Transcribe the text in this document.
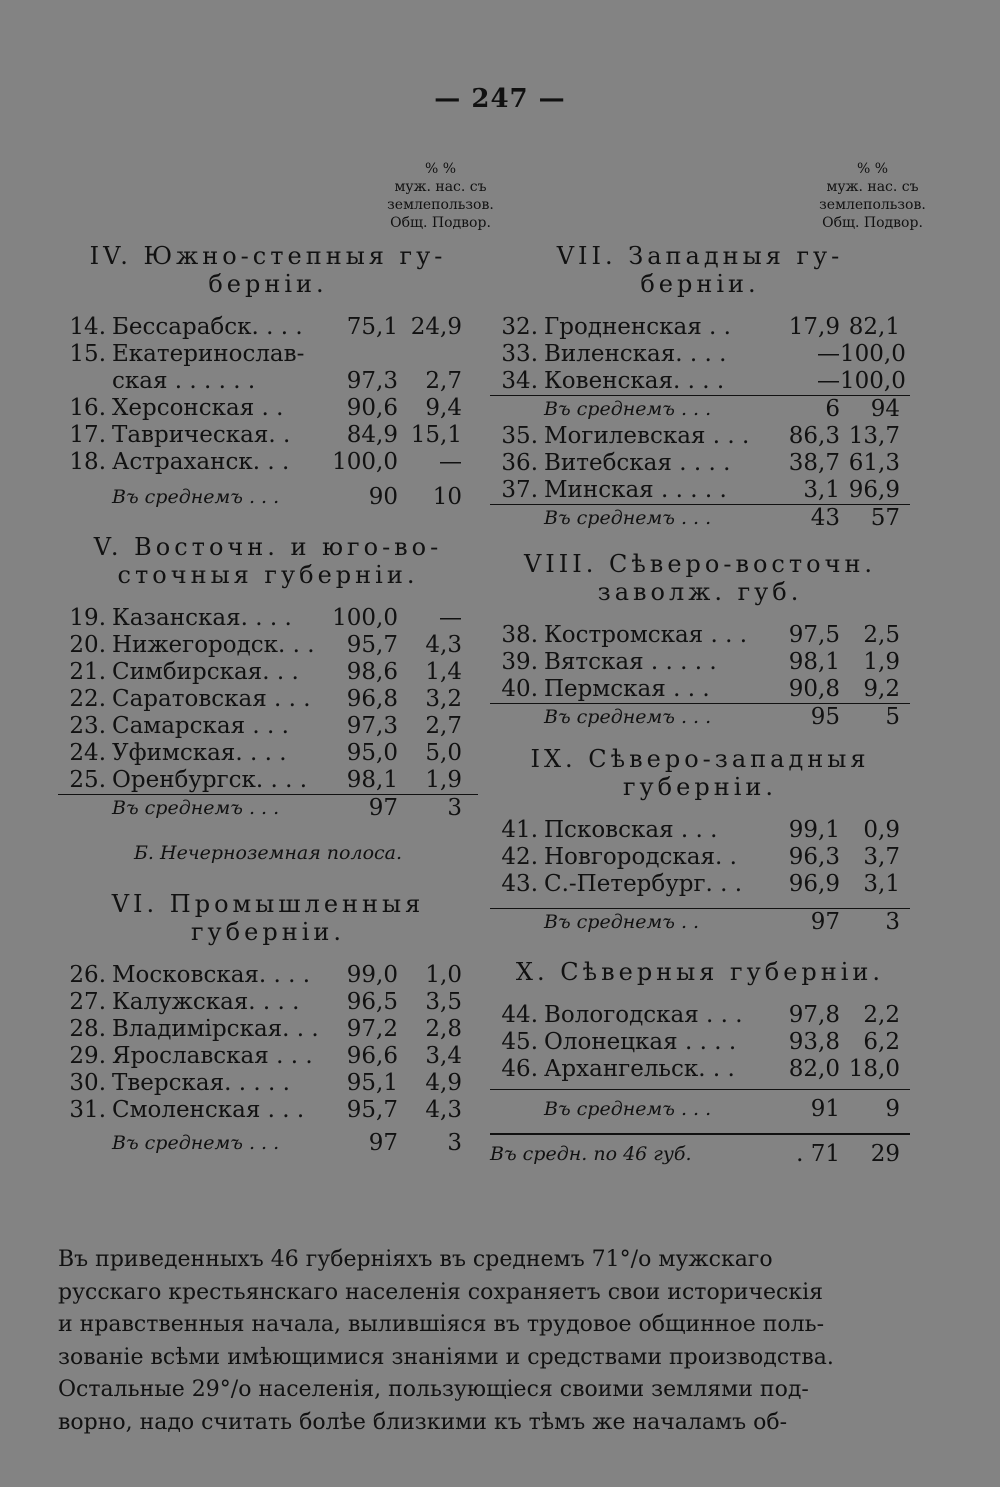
— 247 —
% %
муж. нас. съ
землепользов.
Общ. Подвор.
IV. Южно-степныя гу-
берніи.
14. Бессарабск. . . .	75,1 24,9
15. Екатеринослав-
ская . . . . . .	97,3	2,7
16. Херсонская . .	90,6	9,4
17. Таврическая. .	84,9 15,1
18. Астраханск. . . 100,0	—
Въ среднемъ . . .	90	10
V. Восточн. и юго-во-
сточныя губерніи.
19. Казанская. . . . 100,0	—
20. Нижегородск. . .	95,7	4,3
21. Симбирская. . .	98,6	1,4
22. Саратовская . . .	96,8	3,2
23. Самарская . . .	97,3	2,7
24. Уфимская. . . .	95,0	5,0
25. Оренбургск. . . .	98,1	1,9
Въ среднемъ . . .	97	3
Б. Нечерноземная полоса.
VI. Промышленныя
губерніи.
26. Московская. . . .	99,0	1,0
27. Калужская. . . .	96,5	3,5
28. Владимірская. . .	97,2	2,8
29. Ярославская . . .	96,6	3,4
30. Тверская. . . . .	95,1	4,9
31. Смоленская . . .	95,7	4,3
Въ среднемъ . . .	97	3
% %
муж. нас. съ
землепользов.
Общ. Подвор.
VII. Западныя гу-
берніи.
32. Гродненская . .	17,9 82,1
33. Виленская. . . .	— 100,0
34. Ковенская. . . .	— 100,0
Въ среднемъ . . .	6	94
35. Могилевская . . .	86,3 13,7
36. Витебская . . . .	38,7 61,3
37. Минская . . . . .	3,1 96,9
Въ среднемъ . . .	43	57
VIII. Сѣверо-восточн.
заволж. губ.
38. Костромская . . .	97,5	2,5
39. Вятская . . . . .	98,1	1,9
40. Пермская . . .	90,8	9,2
Въ среднемъ . . .	95	5
IX. Сѣверо-западныя
губерніи.
41. Псковская . . .	99,1	0,9
42. Новгородская. .	96,3	3,7
43. С.-Петербург. . .	96,9	3,1
Въ среднемъ . .	97	3
X. Сѣверныя губерніи.
44. Вологодская . . .	97,8	2,2
45. Олонецкая . . . .	93,8	6,2
46. Архангельск. . .	82,0 18,0
Въ среднемъ . . .	91	9
Въ средн. по 46 губ.	. 71	29
Въ приведенныхъ 46 губерніяхъ въ среднемъ 71°/о мужскаго
русскаго крестьянскаго населенія сохраняетъ свои историческія
и нравственныя начала, вылившіяся въ трудовое общинное поль-
зованіе всѣми имѣющимися знаніями и средствами производства.
Остальные 29°/о населенія, пользующіеся своими землями под-
ворно, надо считать болѣе близкими къ тѣмъ же началамъ об-
